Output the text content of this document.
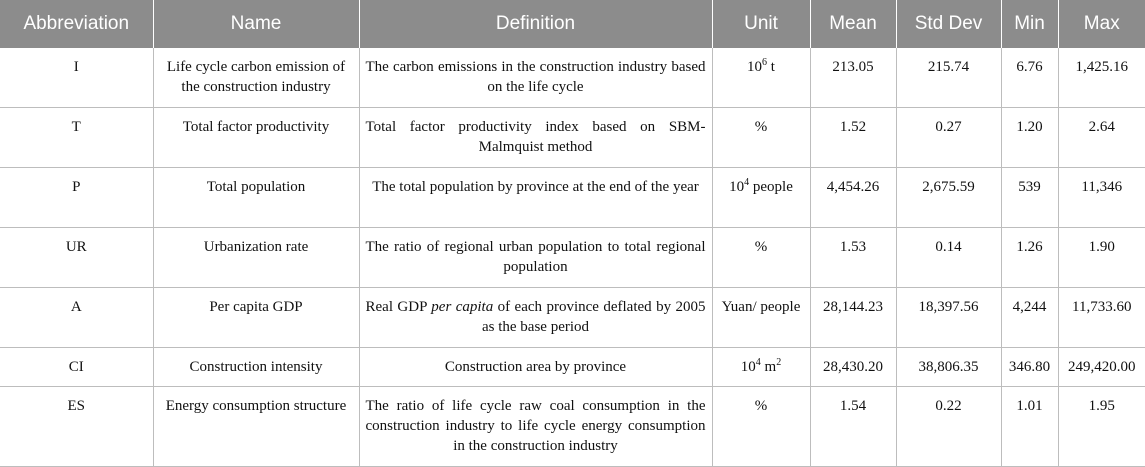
Abbreviation	Name	Definition	Unit	Mean	Std Dev	Min	Max
I	Life cycle carbon emission of the construction industry	The carbon emissions in the construction industry based on the life cycle	$10^6$ t	213.05	215.74	6.76	1,425.16
T	Total factor productivity	Total factor productivity index based on SBM-Malmquist method	%	1.52	0.27	1.20	2.64
P	Total population	The total population by province at the end of the year	$10^4$ people	4,454.26	2,675.59	539	11,346
UR	Urbanization rate	The ratio of regional urban population to total regional population	%	1.53	0.14	1.26	1.90
A	Per capita GDP	Real GDP per capita of each province deflated by 2005 as the base period	Yuan/ people	28,144.23	18,397.56	4,244	11,733.60
CI	Construction intensity	Construction area by province	$10^4$ $m^2$	28,430.20	38,806.35	346.80	249,420.00
ES	Energy consumption structure	The ratio of life cycle raw coal consumption in the construction industry to life cycle energy consumption in the construction industry	%	1.54	0.22	1.01	1.95
